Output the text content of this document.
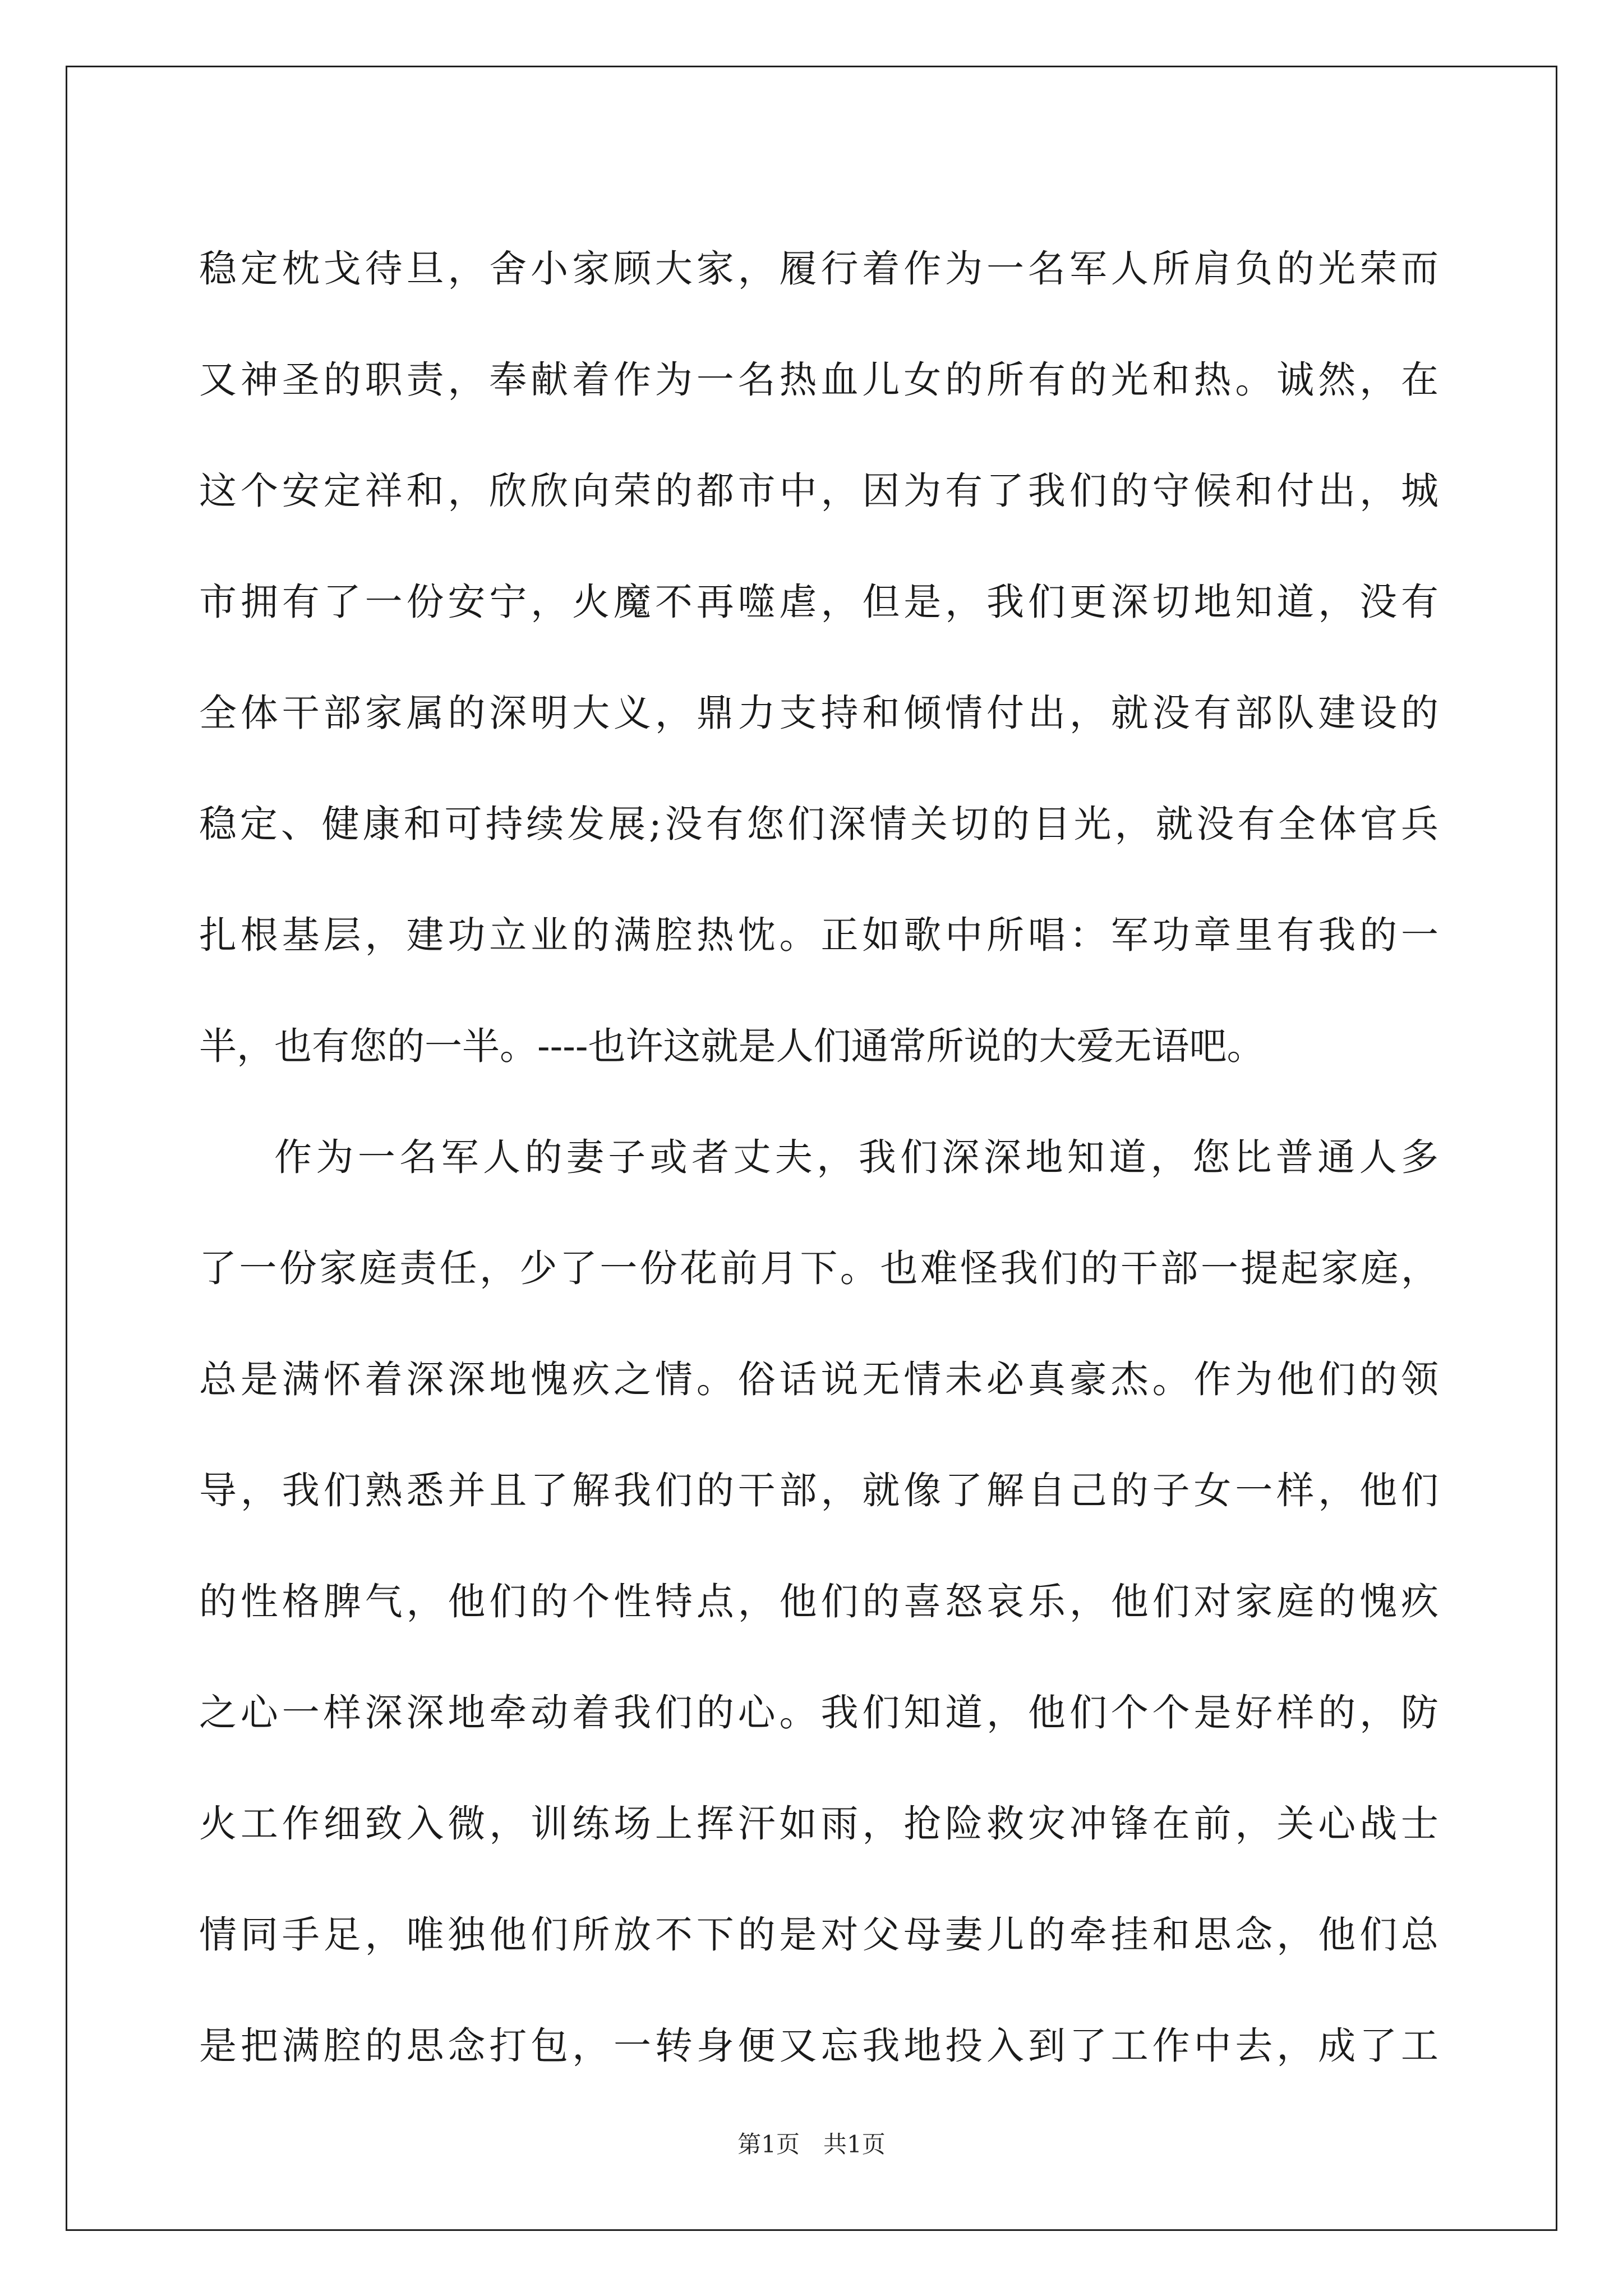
稳定枕戈待旦，舍小家顾大家，履行着作为一名军人所肩负的光荣而
又神圣的职责，奉献着作为一名热血儿女的所有的光和热。诚然，在
这个安定祥和，欣欣向荣的都市中，因为有了我们的守候和付出，城
市拥有了一份安宁，火魔不再噬虐，但是，我们更深切地知道，没有
全体干部家属的深明大义，鼎力支持和倾情付出，就没有部队建设的
稳定、健康和可持续发展;没有您们深情关切的目光，就没有全体官兵
扎根基层，建功立业的满腔热忱。正如歌中所唱：军功章里有我的一
半，也有您的一半。----也许这就是人们通常所说的大爱无语吧。
作为一名军人的妻子或者丈夫，我们深深地知道，您比普通人多
了一份家庭责任，少了一份花前月下。也难怪我们的干部一提起家庭，
总是满怀着深深地愧疚之情。俗话说无情未必真豪杰。作为他们的领
导，我们熟悉并且了解我们的干部，就像了解自己的子女一样，他们
的性格脾气，他们的个性特点，他们的喜怒哀乐，他们对家庭的愧疚
之心一样深深地牵动着我们的心。我们知道，他们个个是好样的，防
火工作细致入微，训练场上挥汗如雨，抢险救灾冲锋在前，关心战士
情同手足，唯独他们所放不下的是对父母妻儿的牵挂和思念，他们总
是把满腔的思念打包，一转身便又忘我地投入到了工作中去，成了工
第1页　共1页
